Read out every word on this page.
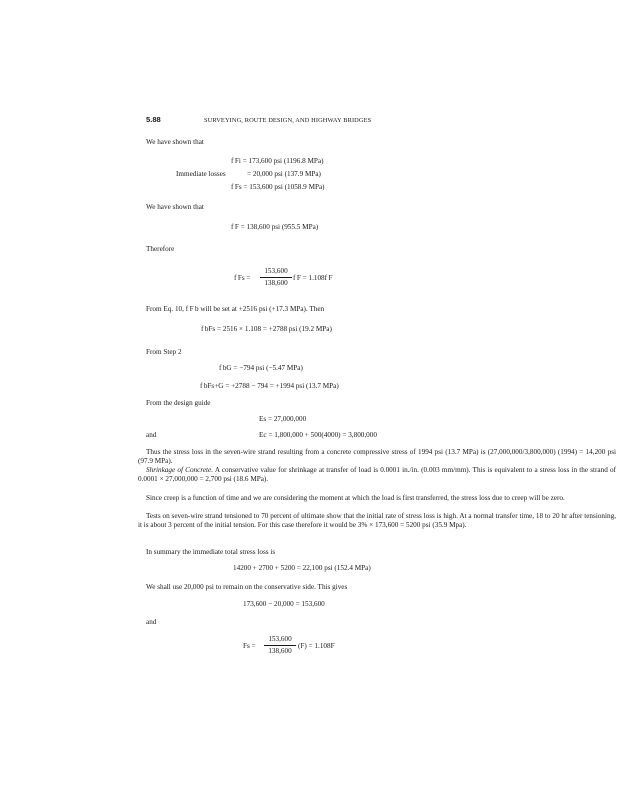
5.88	SURVEYING, ROUTE DESIGN, AND HIGHWAY BRIDGES
We have shown that
f Fi = 173,600 psi (1196.8 MPa)
Immediate losses	= 20,000 psi (137.9 MPa)
f Fs = 153,600 psi (1058.9 MPa)
We have shown that
f F = 138,600 psi (955.5 MPa)
Therefore
f Fs =
153,600
138,600
f F = 1.108f F
From Eq. 10, f F b will be set at +2516 psi (+17.3 MPa). Then
f bFs = 2516 × 1.108 = +2788 psi (19.2 MPa)
From Step 2
f bG = −794 psi (−5.47 MPa)
f bFs+G = +2788 − 794 = +1994 psi (13.7 MPa)
From the design guide
Es = 27,000,000
and	Ec = 1,800,000 + 500(4000) = 3,800,000
Thus the stress loss in the seven-wire strand resulting from a concrete compressive stress of 1994 psi (13.7 MPa) is (27,000,000/3,800,000) (1994) = 14,200 psi (97.9 MPa).
Shrinkage of Concrete. A conservative value for shrinkage at transfer of load is 0.0001 in./in. (0.003 mm/mm). This is equivalent to a stress loss in the strand of 0.0001 × 27,000,000 = 2,700 psi (18.6 MPa).
Since creep is a function of time and we are considering the moment at which the load is first transferred, the stress loss due to creep will be zero.
Tests on seven-wire strand tensioned to 70 percent of ultimate show that the initial rate of stress loss is high. At a normal transfer time, 18 to 20 hr after tensioning, it is about 3 percent of the initial tension. For this case therefore it would be 3% × 173,600 = 5200 psi (35.9 Mpa).
In summary the immediate total stress loss is
14200 + 2700 + 5200 = 22,100 psi (152.4 MPa)
We shall use 20,000 psi to remain on the conservative side. This gives
173,600 − 20,000 = 153,600
and
Fs =
153,600
138,600
(F) = 1.108F
